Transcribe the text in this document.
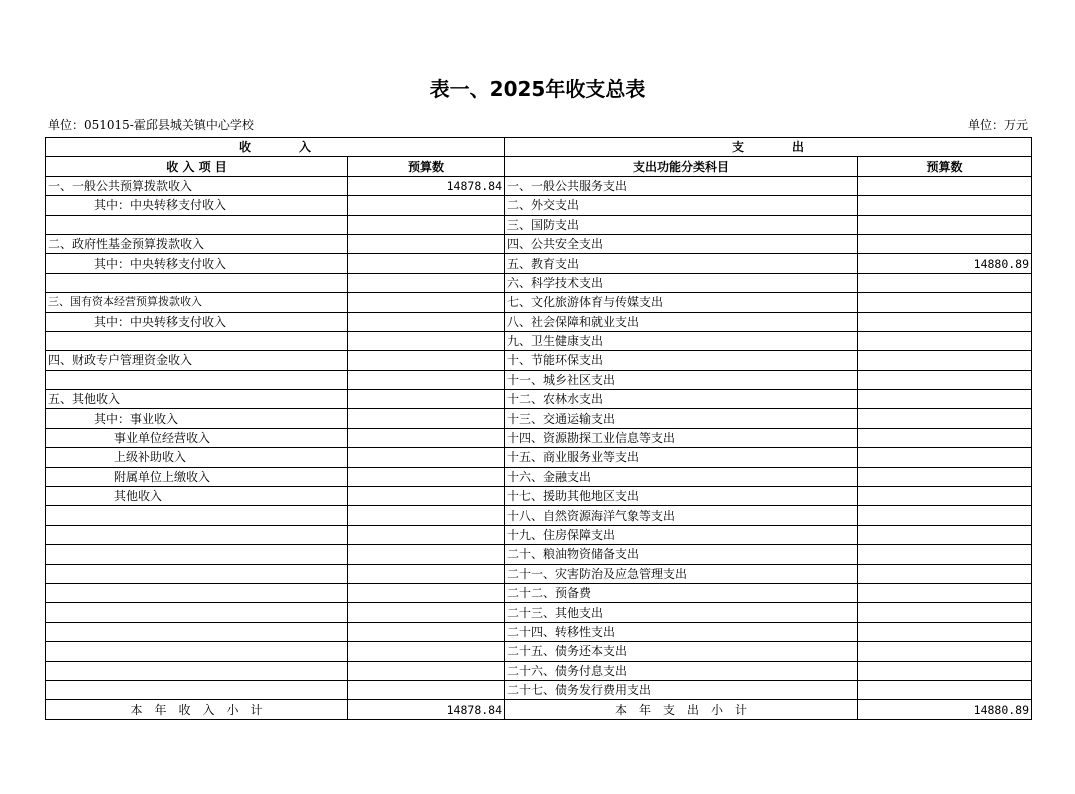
表一、2025年收支总表
单位：051015-霍邱县城关镇中心学校	单位：万元
收　　　　入		支　　　　出	
收 入 项 目	预算数	支出功能分类科目	预算数
一、一般公共预算拨款收入	14878.84	一、一般公共服务支出	
其中：中央转移支付收入		二、外交支出	
		三、国防支出	
二、政府性基金预算拨款收入		四、公共安全支出	
其中：中央转移支付收入		五、教育支出	14880.89
		六、科学技术支出	
三、国有资本经营预算拨款收入		七、文化旅游体育与传媒支出	
其中：中央转移支付收入		八、社会保障和就业支出	
		九、卫生健康支出	
四、财政专户管理资金收入		十、节能环保支出	
		十一、城乡社区支出	
五、其他收入		十二、农林水支出	
其中：事业收入		十三、交通运输支出	
事业单位经营收入		十四、资源勘探工业信息等支出	
上级补助收入		十五、商业服务业等支出	
附属单位上缴收入		十六、金融支出	
其他收入		十七、援助其他地区支出	
		十八、自然资源海洋气象等支出	
		十九、住房保障支出	
		二十、粮油物资储备支出	
		二十一、灾害防治及应急管理支出	
		二十二、预备费	
		二十三、其他支出	
		二十四、转移性支出	
		二十五、债务还本支出	
		二十六、债务付息支出	
		二十七、债务发行费用支出	
本　年　收　入　小　计	14878.84	本　年　支　出　小　计	14880.89
